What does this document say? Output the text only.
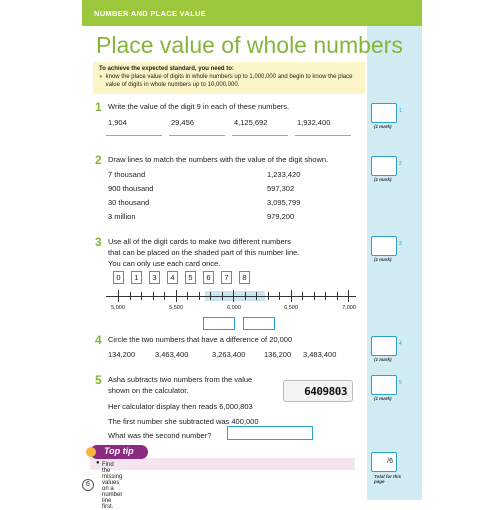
NUMBER AND PLACE VALUE
Place value of whole numbers
To achieve the expected standard, you need to:
● know the place value of digits in whole numbers up to 1,000,000 and begin to know the place value of digits in whole numbers up to 10,000,000.
1 Write the value of the digit 9 in each of these numbers.
1,904	29,456	4,125,692	1,932,400
1
(1 mark)
2 Draw lines to match the numbers with the value of the digit shown.
7 thousand
900 thousand
30 thousand
3 million
1,233,420
597,302
3,095,799
979,200
2
(1 mark)
3 Use all of the digit cards to make two different numbers
that can be placed on the shaded part of this number line.
You can only use each card once.
0	1	3	4	5	6	7	8
5,000	5,500	6,000	6,500	7,000
3
(1 mark)
4 Circle the two numbers that have a difference of 20,000
134,200	3,463,400	3,263,400 136,200 3,483,400
4
(1 mark)
5 Asha subtracts two numbers from the value
shown on the calculator.
Her calculator display then reads 6,000,803
The first number she subtracted was 400,000
What was the second number?
6409803
5
(1 mark)
● Find the missing values on a number line first.
Top tip
6
/6
Total for this page
